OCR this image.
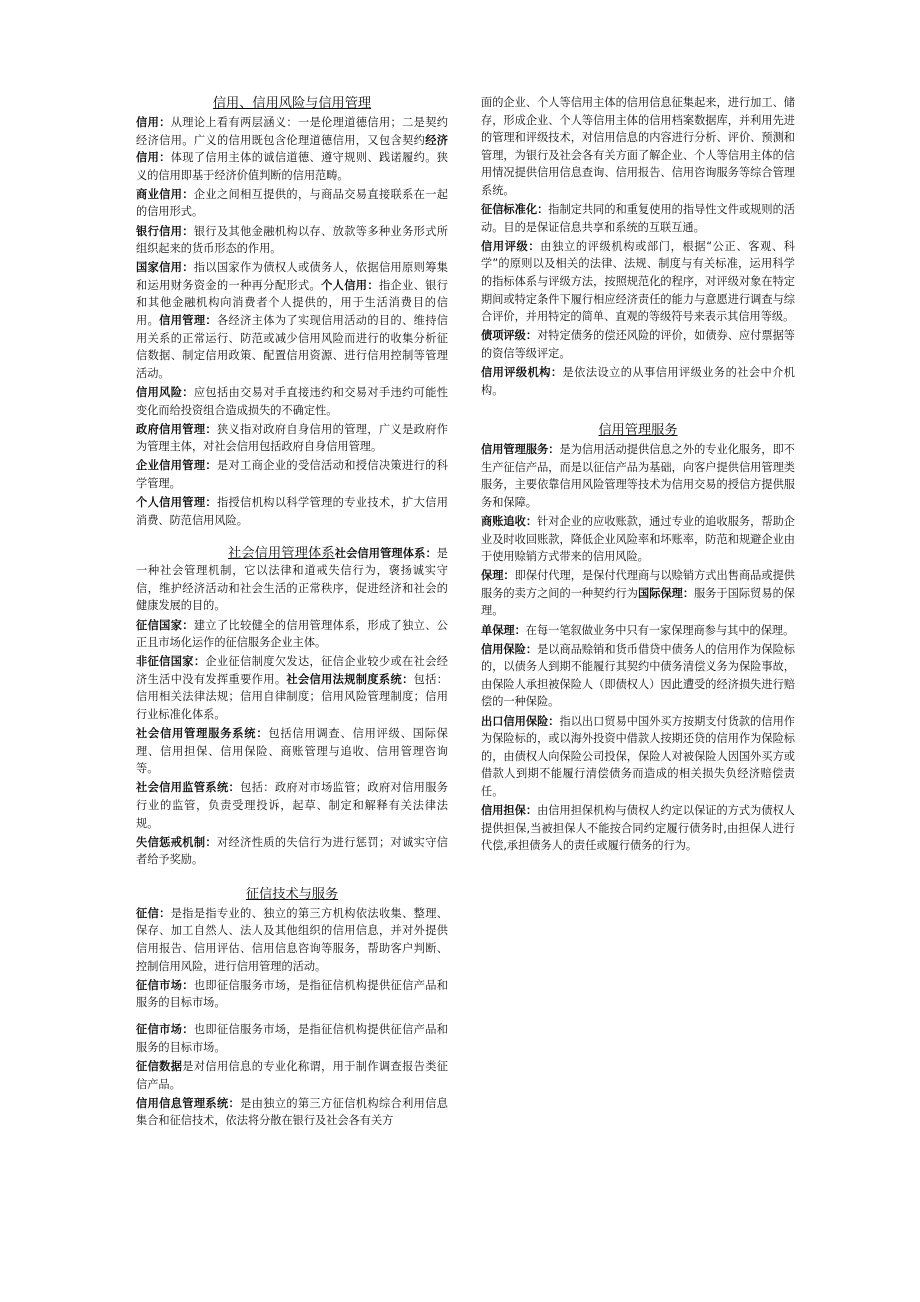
信用、信用风险与信用管理

信用：从理论上看有两层涵义：一是伦理道德信用；二是契约经济信用。广义的信用既包含伦理道德信用，又包含契约经济信用：体现了信用主体的诚信道德、遵守规则、践诺履约。狭义的信用即基于经济价值判断的信用范畴。

商业信用：企业之间相互提供的，与商品交易直接联系在一起的信用形式。

银行信用：银行及其他金融机构以存、放款等多种业务形式所组织起来的货币形态的作用。

国家信用：指以国家作为债权人或债务人，依据信用原则筹集和运用财务资金的一种再分配形式。个人信用：指企业、银行和其他金融机构向消费者个人提供的，用于生活消费目的信用。信用管理：各经济主体为了实现信用活动的目的、维持信用关系的正常运行、防范或减少信用风险而进行的收集分析征信数据、制定信用政策、配置信用资源、进行信用控制等管理活动。

信用风险：应包括由交易对手直接违约和交易对手违约可能性变化而给投资组合造成损失的不确定性。

政府信用管理：狭义指对政府自身信用的管理，广义是政府作为管理主体，对社会信用包括政府自身信用管理。

企业信用管理：是对工商企业的受信活动和授信决策进行的科学管理。

个人信用管理：指授信机构以科学管理的专业技术，扩大信用消费、防范信用风险。

社会信用管理体系社会信用管理体系：是一种社会管理机制，它以法律和道戒失信行为，褒扬诚实守信，维护经济活动和社会生活的正常秩序，促进经济和社会的健康发展的目的。

征信国家：建立了比较健全的信用管理体系，形成了独立、公正且市场化运作的征信服务企业主体。

非征信国家：企业征信制度欠发达，征信企业较少或在社会经济生活中没有发挥重要作用。社会信用法规制度系统：包括：信用相关法律法规；信用自律制度；信用风险管理制度；信用行业标准化体系。

社会信用管理服务系统：包括信用调查、信用评级、国际保理、信用担保、信用保险、商账管理与追收、信用管理咨询等。

社会信用监管系统：包括：政府对市场监管；政府对信用服务行业的监管，负责受理投诉，起草、制定和解释有关法律法规。

失信惩戒机制：对经济性质的失信行为进行惩罚；对诚实守信者给予奖励。

征信技术与服务

征信：是指是指专业的、独立的第三方机构依法收集、整理、保存、加工自然人、法人及其他组织的信用信息，并对外提供信用报告、信用评估、信用信息咨询等服务，帮助客户判断、控制信用风险，进行信用管理的活动。

征信市场：也即征信服务市场，是指征信机构提供征信产品和服务的目标市场。

征信市场：也即征信服务市场，是指征信机构提供征信产品和服务的目标市场。

征信数据是对信用信息的专业化称谓，用于制作调查报告类征信产品。

信用信息管理系统：是由独立的第三方征信机构综合利用信息集合和征信技术，依法将分散在银行及社会各有关方

面的企业、个人等信用主体的信用信息征集起来，进行加工、储存，形成企业、个人等信用主体的信用档案数据库，并利用先进的管理和评级技术，对信用信息的内容进行分析、评价、预测和管理，为银行及社会各有关方面了解企业、个人等信用主体的信用情况提供信用信息查询、信用报告、信用咨询服务等综合管理系统。

征信标准化：指制定共同的和重复使用的指导性文件或规则的活动。目的是保证信息共享和系统的互联互通。

信用评级：由独立的评级机构或部门，根据“公正、客观、科学”的原则以及相关的法律、法规、制度与有关标准，运用科学的指标体系与评级方法，按照规范化的程序，对评级对象在特定期间或特定条件下履行相应经济责任的能力与意愿进行调查与综合评价，并用特定的简单、直观的等级符号来表示其信用等级。

债项评级：对特定债务的偿还风险的评价，如债券、应付票据等的资信等级评定。

信用评级机构：是依法设立的从事信用评级业务的社会中介机构。

信用管理服务

信用管理服务：是为信用活动提供信息之外的专业化服务，即不生产征信产品，而是以征信产品为基础，向客户提供信用管理类服务，主要依靠信用风险管理等技术为信用交易的授信方提供服务和保障。

商账追收：针对企业的应收账款，通过专业的追收服务，帮助企业及时收回账款，降低企业风险率和坏账率，防范和规避企业由于使用赊销方式带来的信用风险。

保理：即保付代理，是保付代理商与以赊销方式出售商品或提供服务的卖方之间的一种契约行为国际保理：服务于国际贸易的保理。

单保理：在每一笔叙做业务中只有一家保理商参与其中的保理。

信用保险：是以商品赊销和货币借贷中债务人的信用作为保险标的，以债务人到期不能履行其契约中债务清偿义务为保险事故，由保险人承担被保险人（即债权人）因此遭受的经济损失进行赔偿的一种保险。

出口信用保险：指以出口贸易中国外买方按期支付货款的信用作为保险标的，或以海外投资中借款人按期还贷的信用作为保险标的，由债权人向保险公司投保，保险人对被保险人因国外买方或借款人到期不能履行清偿债务而造成的相关损失负经济赔偿责任。

信用担保：由信用担保机构与债权人约定以保证的方式为债权人提供担保,当被担保人不能按合同约定履行债务时,由担保人进行代偿,承担债务人的责任或履行债务的行为。
